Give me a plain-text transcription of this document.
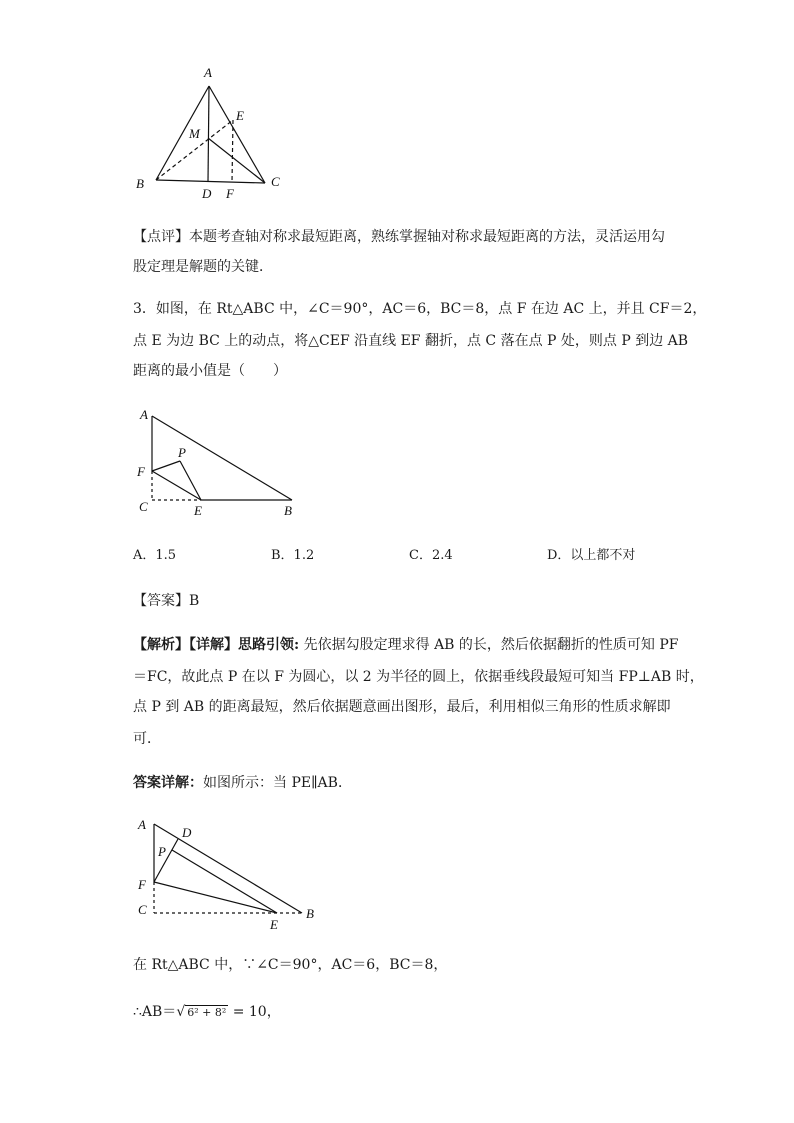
A
M
E
B
D F
C
【点评】本题考查轴对称求最短距离，熟练掌握轴对称求最短距离的方法，灵活运用勾
股定理是解题的关键．
3．如图，在 Rt△ABC 中，∠C＝90°，AC＝6，BC＝8，点 F 在边 AC 上，并且 CF＝2，
点 E 为边 BC 上的动点，将△CEF 沿直线 EF 翻折，点 C 落在点 P 处，则点 P 到边 AB
距离的最小值是（　　）
A
P
F
C	E	B
A．1.5	B．1.2	C．2.4	D．以上都不对
【答案】B
【解析】【详解】思路引领: 先依据勾股定理求得 AB 的长，然后依据翻折的性质可知 PF
＝FC，故此点 P 在以 F 为圆心，以 2 为半径的圆上，依据垂线段最短可知当 FP⊥AB 时，
点 P 到 AB 的距离最短，然后依据题意画出图形，最后，利用相似三角形的性质求解即
可．
答案详解：如图所示：当 PE∥AB．
A
D
P
F
C
E
B
在 Rt△ABC 中，∵∠C＝90°，AC＝6，BC＝8，
∴AB＝√ 6² + 8² = 10，
